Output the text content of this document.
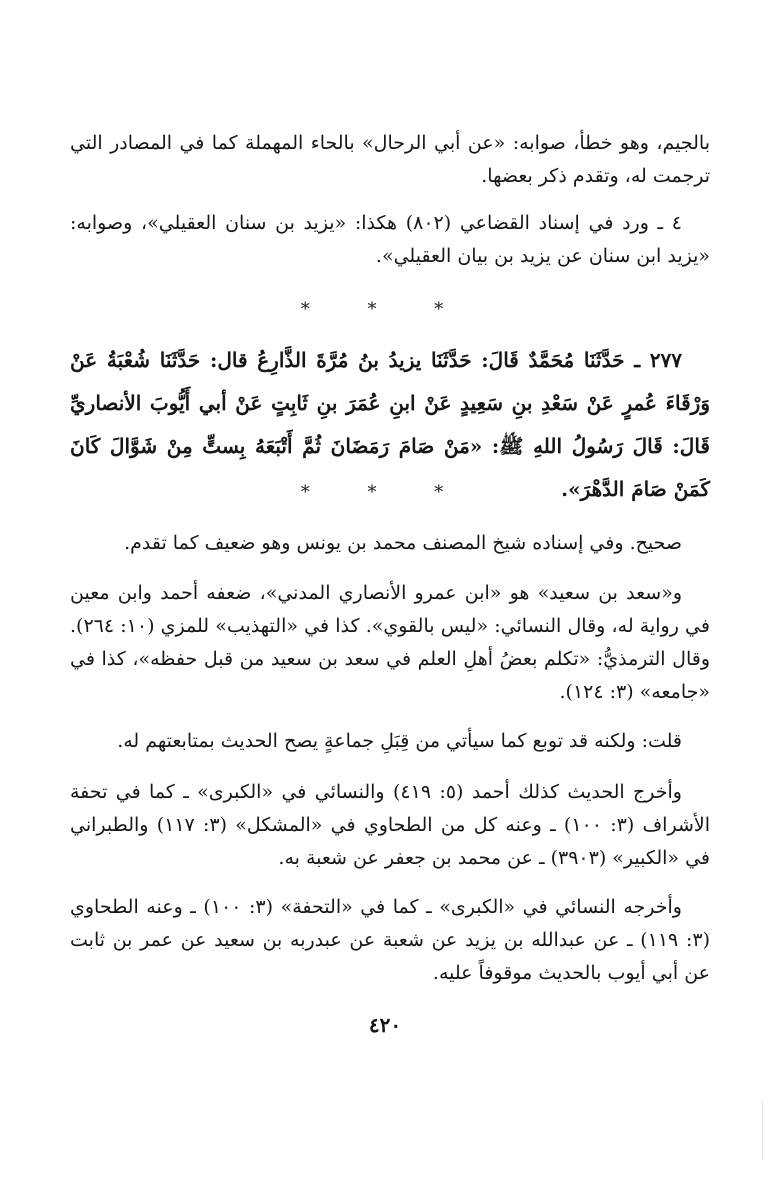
بالجيم، وهو خطأ، صوابه: «عن أبي الرحال» بالحاء المهملة كما في المصادر التي ترجمت له، وتقدم ذكر بعضها.

٤ ـ ورد في إسناد القضاعي (٨٠٢) هكذا: «يزيد بن سنان العقيلي»، وصوابه: «يزيد ابن سنان عن يزيد بن بيان العقيلي».

* * *
٢٧٧ ـ حَدَّثَنَا مُحَمَّدٌ قَالَ: حَدَّثَنَا يزيدُ بنُ مُرَّةَ الذَّارِعُ قال: حَدَّثَنَا شُعْبَةُ عَنْ وَرْقَاءَ عُمرٍ عَنْ سَعْدِ بنِ سَعِيدٍ عَنْ ابنِ عُمَرَ بنِ ثَابِتٍ عَنْ أبي أَيُّوبَ الأنصاريِّ قَالَ: قَالَ رَسُولُ اللهِ ﷺ: «مَنْ صَامَ رَمَضَانَ ثُمَّ أَتْبَعَهُ بِستٍّ مِنْ شَوَّالَ كَانَ كَمَنْ صَامَ الدَّهْرَ».
* * *

صحيح. وفي إسناده شيخ المصنف محمد بن يونس وهو ضعيف كما تقدم.

و«سعد بن سعيد» هو «ابن عمرو الأنصاري المدني»، ضعفه أحمد وابن معين في رواية له، وقال النسائي: «ليس بالقوي». كذا في «التهذيب» للمزي (١٠: ٢٦٤). وقال الترمذيُّ: «تكلم بعضُ أهلِ العلم في سعد بن سعيد من قبل حفظه»، كذا في «جامعه» (٣: ١٢٤).

قلت: ولكنه قد توبع كما سيأتي من قِبَلِ جماعةٍ يصح الحديث بمتابعتهم له.

وأخرج الحديث كذلك أحمد (٥: ٤١٩) والنسائي في «الكبرى» ـ كما في تحفة الأشراف (٣: ١٠٠) ـ وعنه كل من الطحاوي في «المشكل» (٣: ١١٧) والطبراني في «الكبير» (٣٩٠٣) ـ عن محمد بن جعفر عن شعبة به.

وأخرجه النسائي في «الكبرى» ـ كما في «التحفة» (٣: ١٠٠) ـ وعنه الطحاوي (٣: ١١٩) ـ عن عبدالله بن يزيد عن شعبة عن عبدربه بن سعيد عن عمر بن ثابت عن أبي أيوب بالحديث موقوفاً عليه.

٤٢٠
